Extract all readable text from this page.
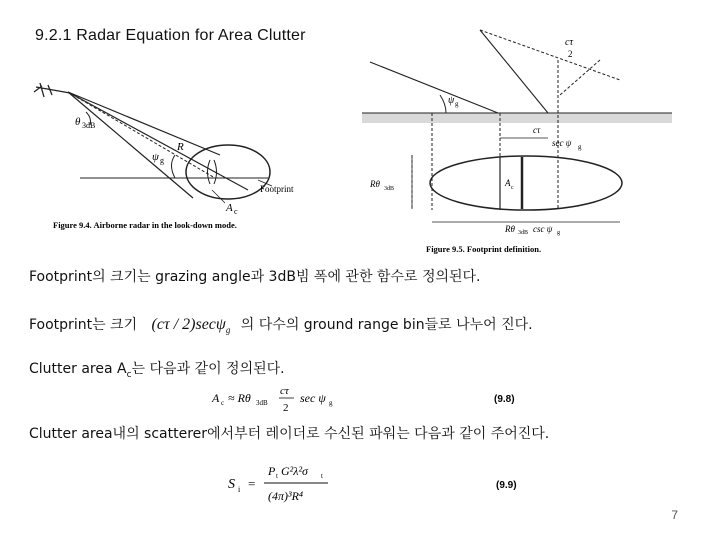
9.2.1 Radar Equation for Area Clutter
θ 3dB
ψ g
R
Footprint
A c
Figure 9.4. Airborne radar in the look-down mode.
cτ
2
ψ g
cτ
sec ψ g
Rθ 3dB
A c
Rθ 3dB csc ψ g
Figure 9.5. Footprint definition.
Footprint의 크기는 grazing angle과 3dB빔 폭에 관한 함수로 정의된다.
Footprint는 크기 (cτ / 2)secψ$_g$ 의 다수의 ground range bin들로 나누어 진다.
Clutter area $A_c$는 다음과 같이 정의된다.
A c ≈ Rθ 3dB
cτ
2
sec ψ g	(9.8)
Clutter area내의 scatterer에서부터 레이더로 수신된 파워는 다음과 같이 주어진다.
S i =
P t G²λ²σ t
(4π)³R⁴
(9.9)
7
